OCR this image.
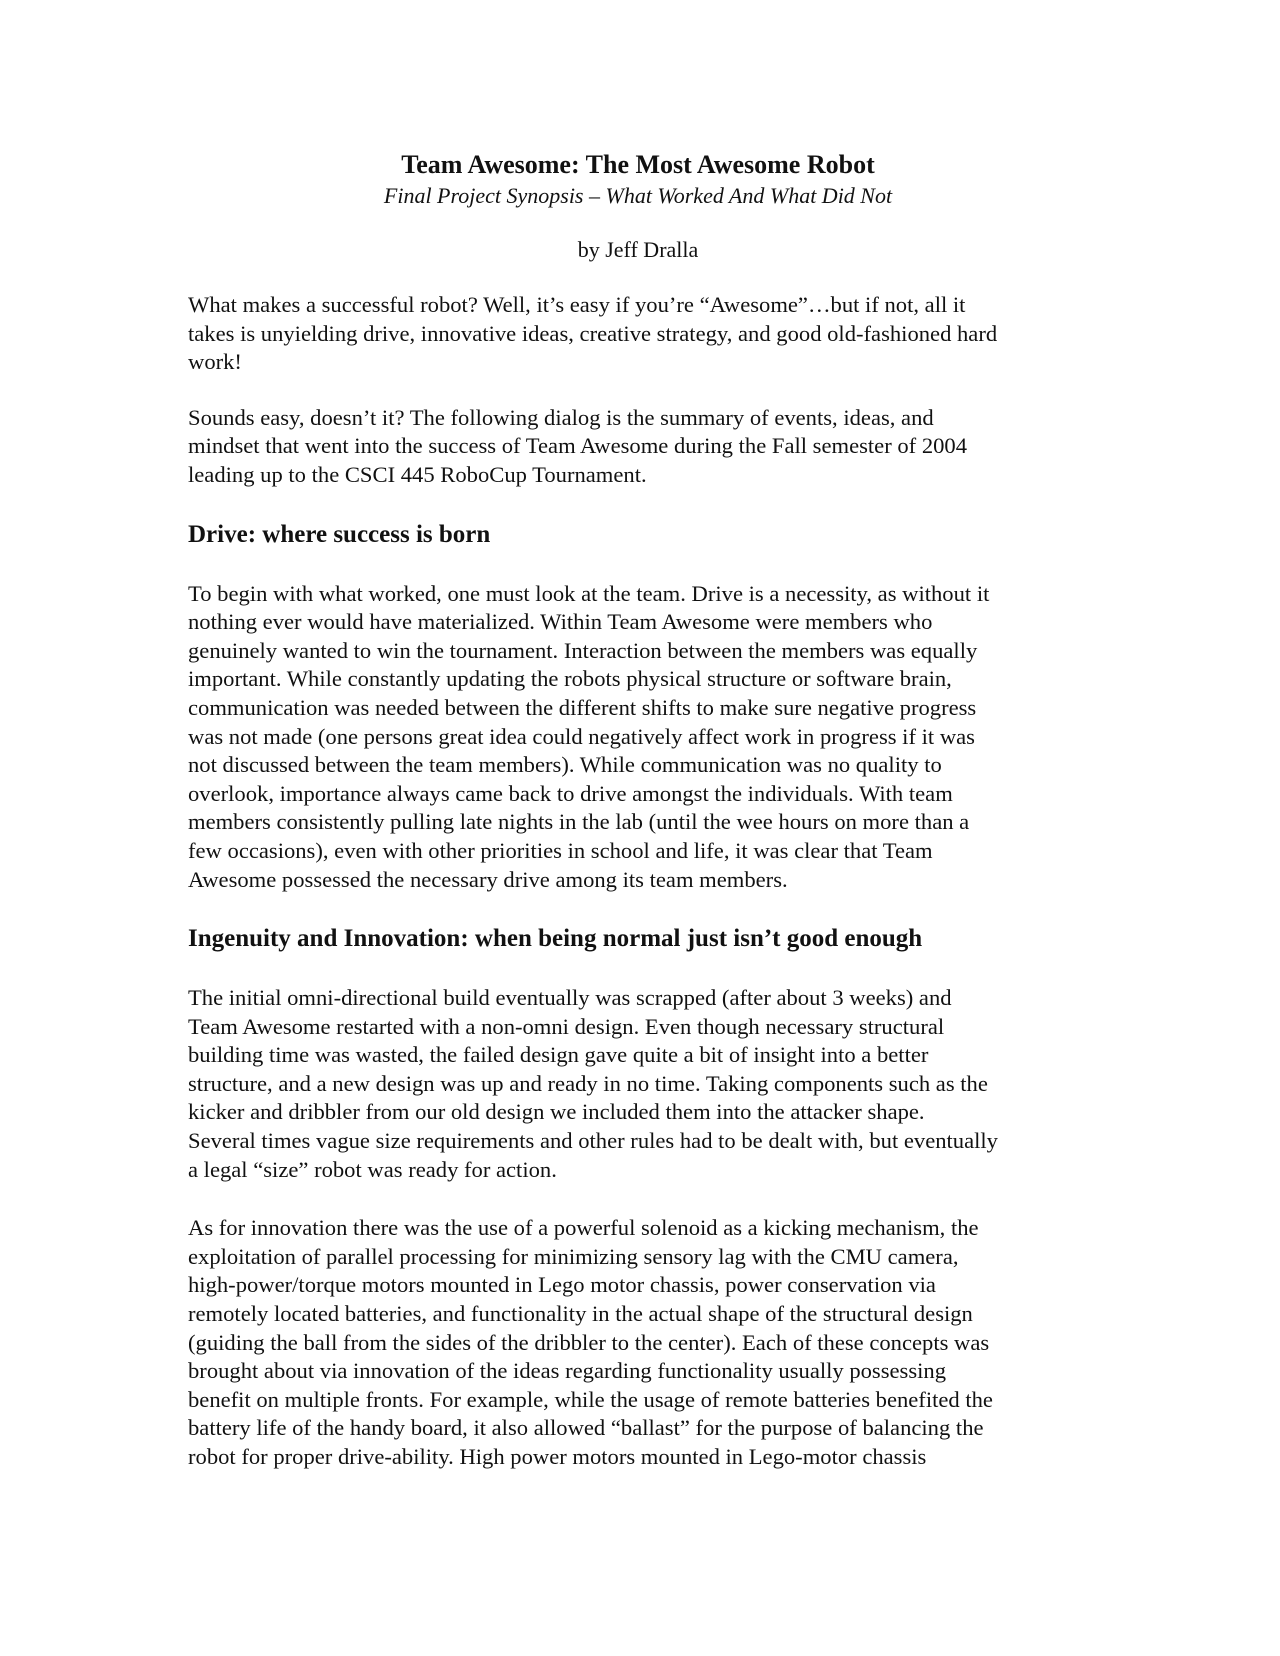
Team Awesome: The Most Awesome Robot
Final Project Synopsis – What Worked And What Did Not
by Jeff Dralla

What makes a successful robot? Well, it’s easy if you’re “Awesome”…but if not, all it
takes is unyielding drive, innovative ideas, creative strategy, and good old-fashioned hard
work!

Sounds easy, doesn’t it? The following dialog is the summary of events, ideas, and
mindset that went into the success of Team Awesome during the Fall semester of 2004
leading up to the CSCI 445 RoboCup Tournament.

Drive: where success is born

To begin with what worked, one must look at the team. Drive is a necessity, as without it
nothing ever would have materialized. Within Team Awesome were members who
genuinely wanted to win the tournament. Interaction between the members was equally
important. While constantly updating the robots physical structure or software brain,
communication was needed between the different shifts to make sure negative progress
was not made (one persons great idea could negatively affect work in progress if it was
not discussed between the team members). While communication was no quality to
overlook, importance always came back to drive amongst the individuals. With team
members consistently pulling late nights in the lab (until the wee hours on more than a
few occasions), even with other priorities in school and life, it was clear that Team
Awesome possessed the necessary drive among its team members.

Ingenuity and Innovation: when being normal just isn’t good enough

The initial omni-directional build eventually was scrapped (after about 3 weeks) and
Team Awesome restarted with a non-omni design. Even though necessary structural
building time was wasted, the failed design gave quite a bit of insight into a better
structure, and a new design was up and ready in no time. Taking components such as the
kicker and dribbler from our old design we included them into the attacker shape.
Several times vague size requirements and other rules had to be dealt with, but eventually
a legal “size” robot was ready for action.

As for innovation there was the use of a powerful solenoid as a kicking mechanism, the
exploitation of parallel processing for minimizing sensory lag with the CMU camera,
high-power/torque motors mounted in Lego motor chassis, power conservation via
remotely located batteries, and functionality in the actual shape of the structural design
(guiding the ball from the sides of the dribbler to the center). Each of these concepts was
brought about via innovation of the ideas regarding functionality usually possessing
benefit on multiple fronts. For example, while the usage of remote batteries benefited the
battery life of the handy board, it also allowed “ballast” for the purpose of balancing the
robot for proper drive-ability. High power motors mounted in Lego-motor chassis
